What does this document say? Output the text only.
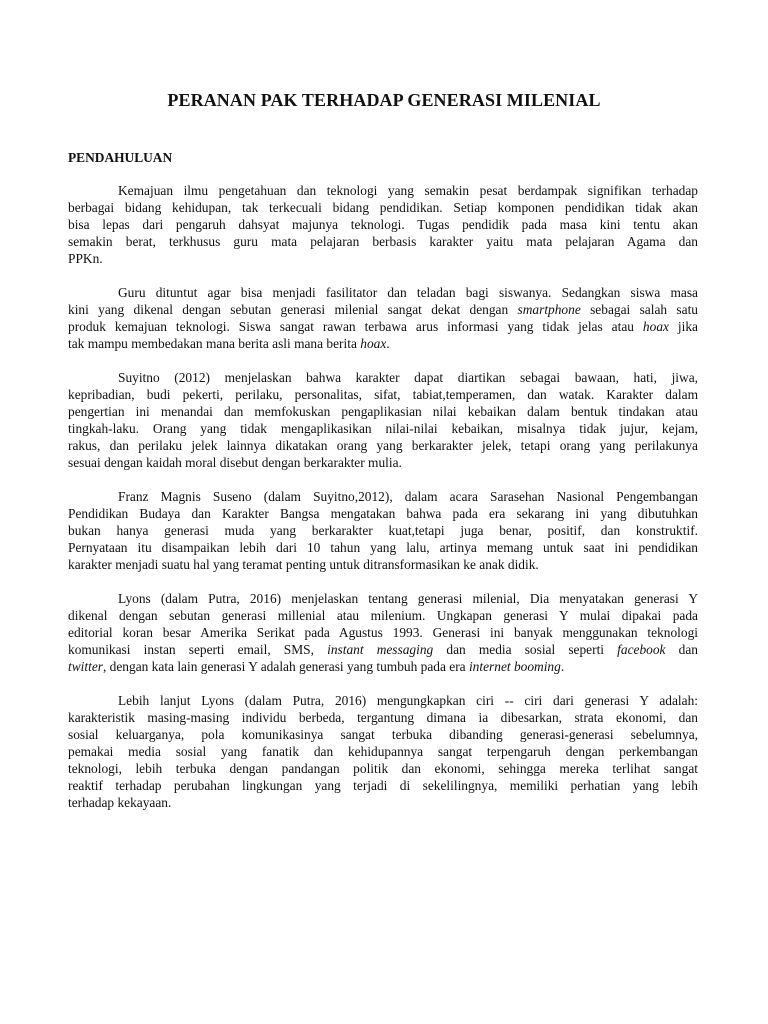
PERANAN PAK TERHADAP GENERASI MILENIAL
PENDAHULUAN
Kemajuan ilmu pengetahuan dan teknologi yang semakin pesat berdampak signifikan terhadap
berbagai bidang kehidupan, tak terkecuali bidang pendidikan. Setiap komponen pendidikan tidak akan
bisa lepas dari pengaruh dahsyat majunya teknologi. Tugas pendidik pada masa kini tentu akan
semakin berat, terkhusus guru mata pelajaran berbasis karakter yaitu mata pelajaran Agama dan
PPKn.
Guru dituntut agar bisa menjadi fasilitator dan teladan bagi siswanya. Sedangkan siswa masa
kini yang dikenal dengan sebutan generasi milenial sangat dekat dengan smartphone sebagai salah satu
produk kemajuan teknologi. Siswa sangat rawan terbawa arus informasi yang tidak jelas atau hoax jika
tak mampu membedakan mana berita asli mana berita hoax.
Suyitno (2012) menjelaskan bahwa karakter dapat diartikan sebagai bawaan, hati, jiwa,
kepribadian, budi pekerti, perilaku, personalitas, sifat, tabiat,temperamen, dan watak. Karakter dalam
pengertian ini menandai dan memfokuskan pengaplikasian nilai kebaikan dalam bentuk tindakan atau
tingkah-laku. Orang yang tidak mengaplikasikan nilai-nilai kebaikan, misalnya tidak jujur, kejam,
rakus, dan perilaku jelek lainnya dikatakan orang yang berkarakter jelek, tetapi orang yang perilakunya
sesuai dengan kaidah moral disebut dengan berkarakter mulia.
Franz Magnis Suseno (dalam Suyitno,2012), dalam acara Sarasehan Nasional Pengembangan
Pendidikan Budaya dan Karakter Bangsa mengatakan bahwa pada era sekarang ini yang dibutuhkan
bukan hanya generasi muda yang berkarakter kuat,tetapi juga benar, positif, dan konstruktif.
Pernyataan itu disampaikan lebih dari 10 tahun yang lalu, artinya memang untuk saat ini pendidikan
karakter menjadi suatu hal yang teramat penting untuk ditransformasikan ke anak didik.
Lyons (dalam Putra, 2016) menjelaskan tentang generasi milenial, Dia menyatakan generasi Y
dikenal dengan sebutan generasi millenial atau milenium. Ungkapan generasi Y mulai dipakai pada
editorial koran besar Amerika Serikat pada Agustus 1993. Generasi ini banyak menggunakan teknologi
komunikasi instan seperti email, SMS, instant messaging dan media sosial seperti facebook dan
twitter, dengan kata lain generasi Y adalah generasi yang tumbuh pada era internet booming.
Lebih lanjut Lyons (dalam Putra, 2016) mengungkapkan ciri -- ciri dari generasi Y adalah:
karakteristik masing-masing individu berbeda, tergantung dimana ia dibesarkan, strata ekonomi, dan
sosial keluarganya, pola komunikasinya sangat terbuka dibanding generasi-generasi sebelumnya,
pemakai media sosial yang fanatik dan kehidupannya sangat terpengaruh dengan perkembangan
teknologi, lebih terbuka dengan pandangan politik dan ekonomi, sehingga mereka terlihat sangat
reaktif terhadap perubahan lingkungan yang terjadi di sekelilingnya, memiliki perhatian yang lebih
terhadap kekayaan.
